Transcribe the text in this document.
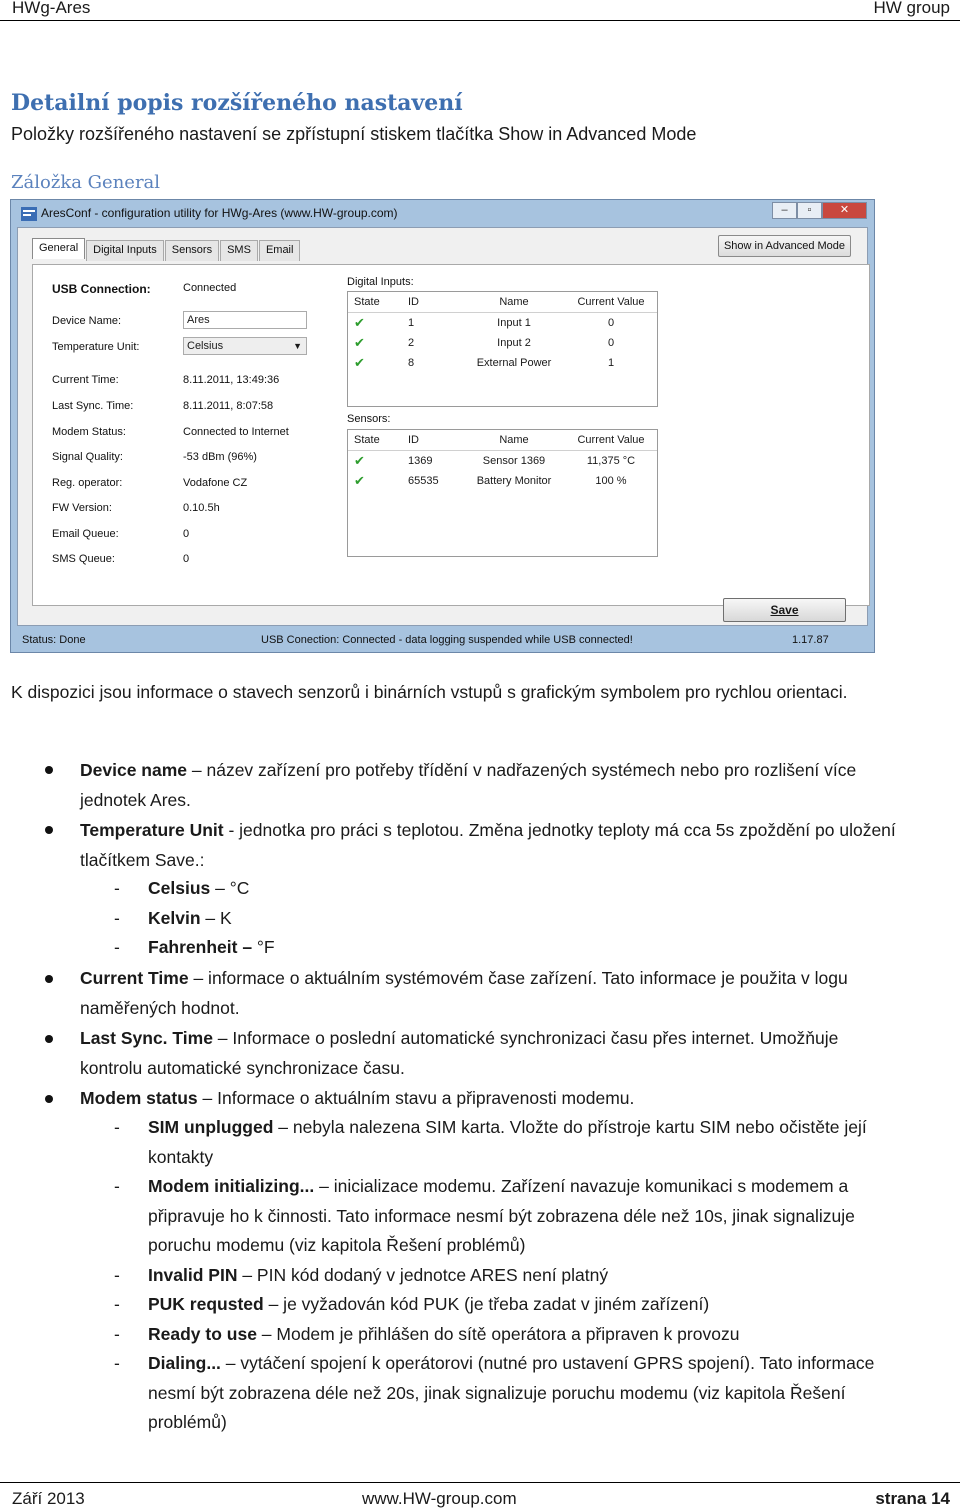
HWg-Ares	HW group
Detailní popis rozšířeného nastavení
Položky rozšířeného nastavení se zpřístupní stiskem tlačítka Show in Advanced Mode
Záložka General
AresConf - configuration utility for HWg-Ares (www.HW-group.com)	–	▫	✕
General	Digital Inputs	Sensors	SMS	Email	Show in Advanced Mode
USB Connection:	Connected
Device Name:	Ares
Temperature Unit:	Celsius	▼
Current Time:	8.11.2011, 13:49:36
Last Sync. Time:	8.11.2011, 8:07:58
Modem Status:	Connected to Internet
Signal Quality:	-53 dBm (96%)
Reg. operator:	Vodafone CZ
FW Version:	0.10.5h
Email Queue:	0
SMS Queue:	0
Digital Inputs:
State	ID	Name	Current Value
✔	1	Input 1	0
✔	2	Input 2	0
✔	8	External Power	1
Sensors:
State	ID	Name	Current Value
✔	1369	Sensor 1369	11,375 °C
✔	65535	Battery Monitor	100 %
Save
Status: Done	USB Conection: Connected - data logging suspended while USB connected!	1.17.87
K dispozici jsou informace o stavech senzorů i binárních vstupů s grafickým symbolem pro rychlou orientaci.
Device name – název zařízení pro potřeby třídění v nadřazených systémech nebo pro rozlišení více jednotek Ares.
Temperature Unit - jednotka pro práci s teplotou. Změna jednotky teploty má cca 5s zpoždění po uložení tlačítkem Save.:
- Celsius – °C
- Kelvin – K
- Fahrenheit – °F
Current Time – informace o aktuálním systémovém čase zařízení. Tato informace je použita v logu naměřených hodnot.
Last Sync. Time – Informace o poslední automatické synchronizaci času přes internet. Umožňuje kontrolu automatické synchronizace času.
Modem status – Informace o aktuálním stavu a připravenosti modemu.
- SIM unplugged – nebyla nalezena SIM karta. Vložte do přístroje kartu SIM nebo očistěte její kontakty
- Modem initializing... – inicializace modemu. Zařízení navazuje komunikaci s modemem a připravuje ho k činnosti. Tato informace nesmí být zobrazena déle než 10s, jinak signalizuje poruchu modemu (viz kapitola Řešení problémů)
- Invalid PIN – PIN kód dodaný v jednotce ARES není platný
- PUK requsted – je vyžadován kód PUK (je třeba zadat v jiném zařízení)
- Ready to use – Modem je přihlášen do sítě operátora a připraven k provozu
- Dialing... – vytáčení spojení k operátorovi (nutné pro ustavení GPRS spojení). Tato informace nesmí být zobrazena déle než 20s, jinak signalizuje poruchu modemu (viz kapitola Řešení problémů)
Září 2013	www.HW-group.com	strana 14
